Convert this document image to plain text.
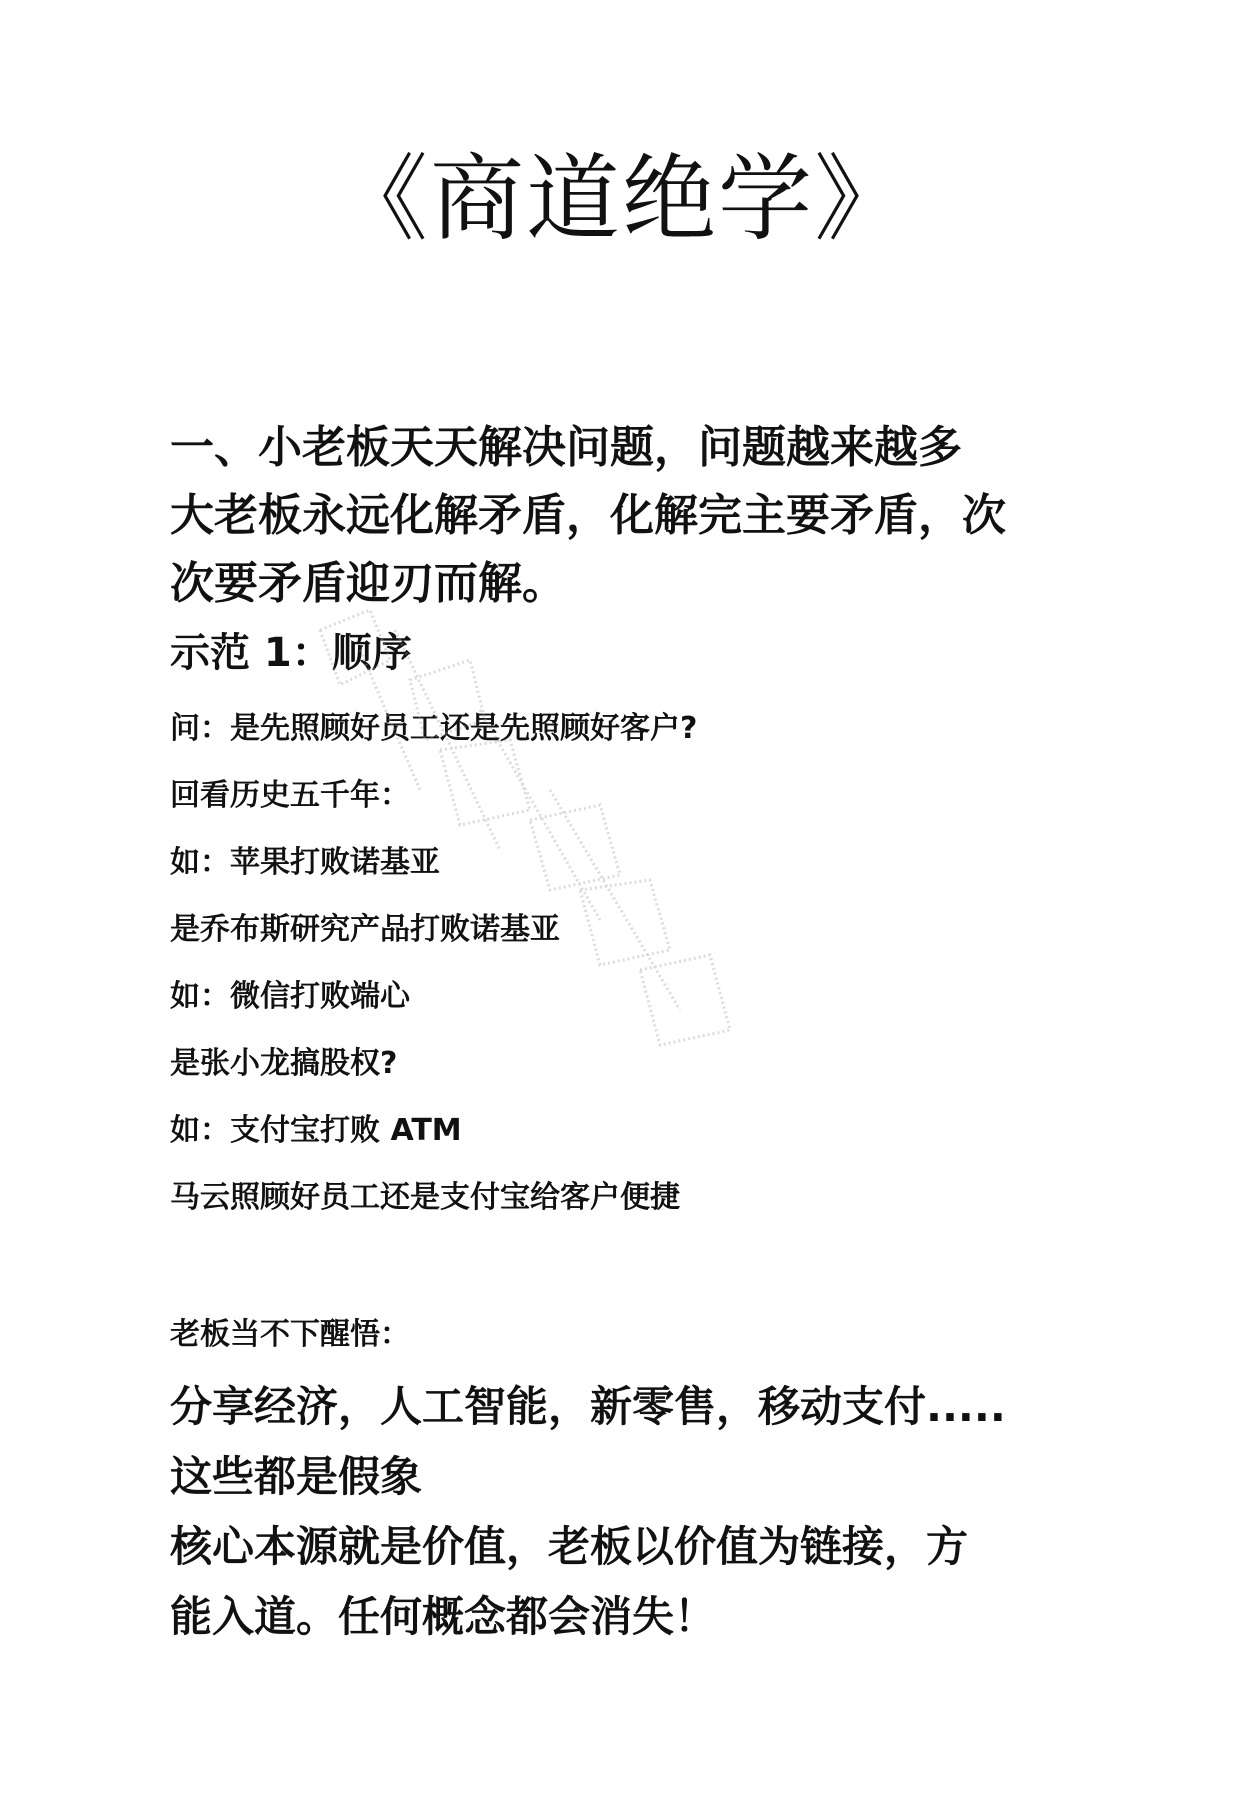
《商道绝学》
一、小老板天天解决问题，问题越来越多
大老板永远化解矛盾，化解完主要矛盾，次
次要矛盾迎刃而解。
示范 1：顺序
问：是先照顾好员工还是先照顾好客户?
回看历史五千年：
如：苹果打败诺基亚
是乔布斯研究产品打败诺基亚
如：微信打败端心
是张小龙搞股权?
如：支付宝打败 ATM
马云照顾好员工还是支付宝给客户便捷
老板当不下醒悟：
分享经济，人工智能，新零售，移动支付.....
这些都是假象
核心本源就是价值，老板以价值为链接，方
能入道。任何概念都会消失！
